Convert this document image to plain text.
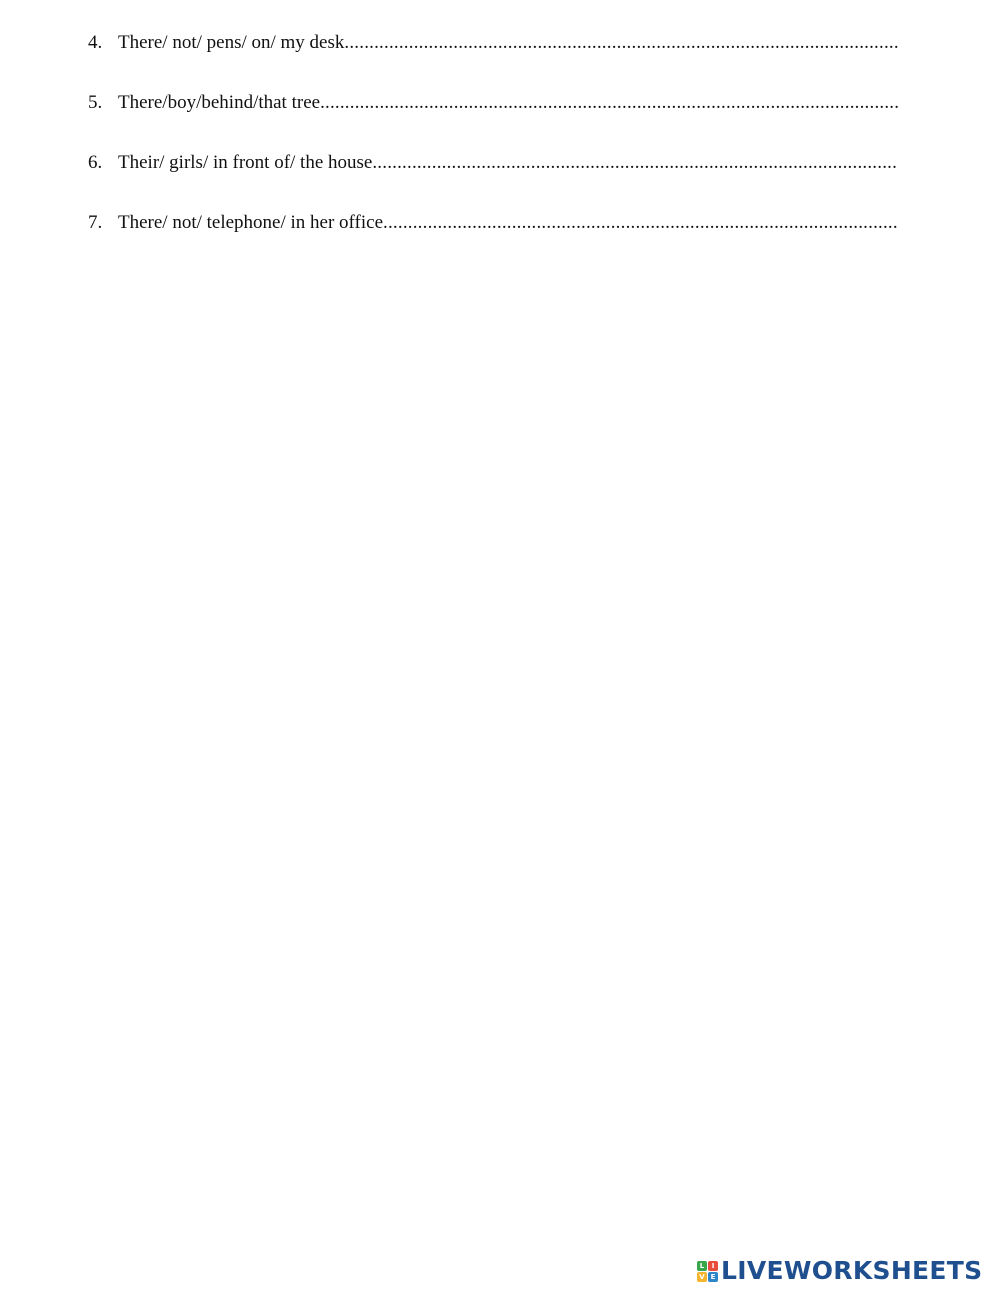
4. There/ not/ pens/ on/ my desk
.....
5. There/boy/behind/that tree
.....
6. Their/ girls/ in front of/ the house
.....
7. There/ not/ telephone/ in her office
.....
L	I
V E LIVEWORKSHEETS
